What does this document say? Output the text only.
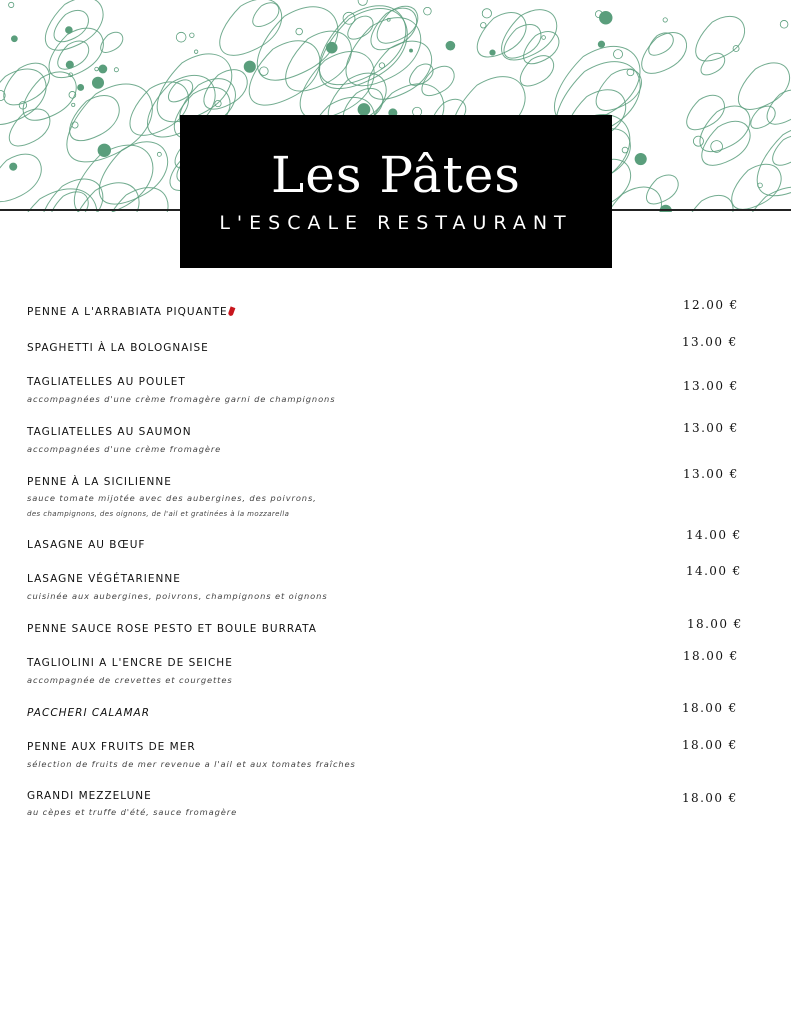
Les Pâtes
L'ESCALE RESTAURANT
PENNE A L'ARRABIATA PIQUANTE	12.00 €
SPAGHETTI À LA BOLOGNAISE	13.00 €
TAGLIATELLES AU POULET
accompagnées d'une crème fromagère garni de champignons
13.00 €
TAGLIATELLES AU SAUMON
accompagnées d'une crème fromagère
13.00 €
PENNE À LA SICILIENNE
sauce tomate mijotée avec des aubergines, des poivrons,
des champignons, des oignons, de l'ail et gratinées à la mozzarella
13.00 €
LASAGNE AU BŒUF
14.00 €
LASAGNE VÉGÉTARIENNE
cuisinée aux aubergines, poivrons, champignons et oignons
14.00 €
PENNE SAUCE ROSE PESTO ET BOULE BURRATA	18.00 €
TAGLIOLINI A L'ENCRE DE SEICHE
accompagnée de crevettes et courgettes
18.00 €
PACCHERI CALAMAR	18.00 €
PENNE AUX FRUITS DE MER
sélection de fruits de mer revenue a l'ail et aux tomates fraîches
18.00 €
GRANDI MEZZELUNE
au cèpes et truffe d'été, sauce fromagère
18.00 €
